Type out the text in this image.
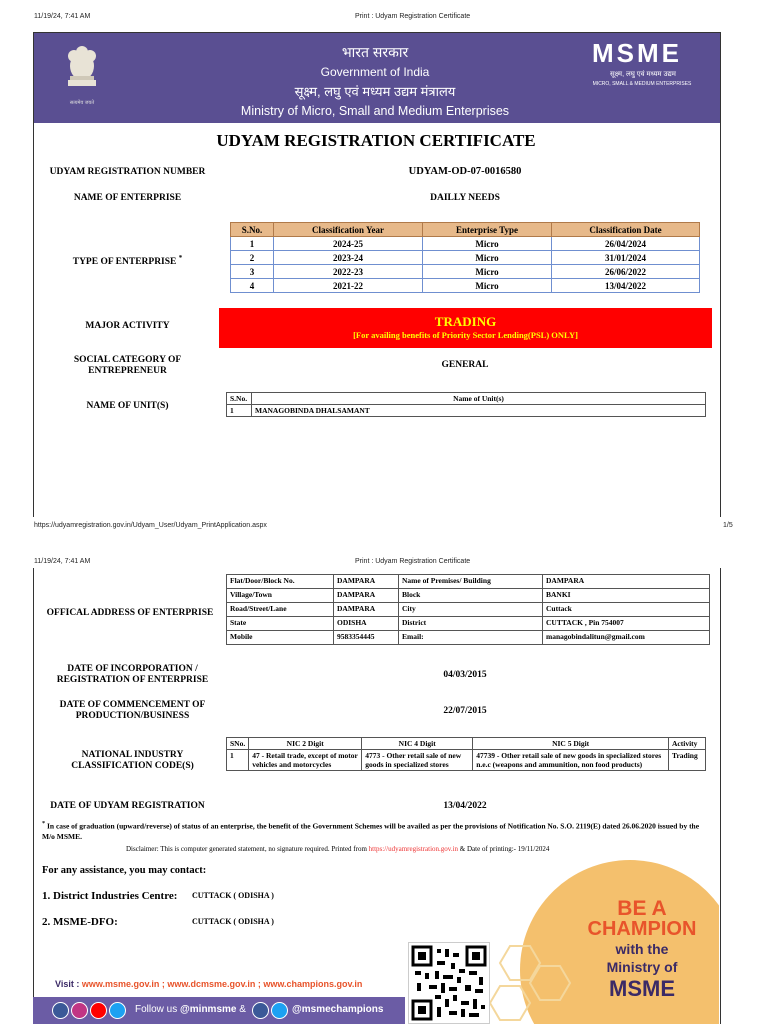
11/19/24, 7:41 AM	Print : Udyam Registration Certificate
सत्यमेव जयते
भारत सरकार
Government of India
सूक्ष्म, लघु एवं मध्यम उद्यम मंत्रालय
Ministry of Micro, Small and Medium Enterprises
MSME
सूक्ष्म, लघु एवं मध्यम उद्यम
MICRO, SMALL & MEDIUM ENTERPRISES
UDYAM REGISTRATION CERTIFICATE
UDYAM REGISTRATION NUMBER	UDYAM-OD-07-0016580
NAME OF ENTERPRISE	DAILLY NEEDS
TYPE OF ENTERPRISE *
S.No.	Classification Year	Enterprise Type	Classification Date
1	2024-25	Micro	26/04/2024
2	2023-24	Micro	31/01/2024
3	2022-23	Micro	26/06/2022
4	2021-22	Micro	13/04/2022
MAJOR ACTIVITY	TRADING
[For availing benefits of Priority Sector Lending(PSL) ONLY]
SOCIAL CATEGORY OF
ENTREPRENEUR
GENERAL
NAME OF UNIT(S)
S.No.	Name of Unit(s)
1	MANAGOBINDA DHALSAMANT
https://udyamregistration.gov.in/Udyam_User/Udyam_PrintApplication.aspx	1/5
11/19/24, 7:41 AM	Print : Udyam Registration Certificate
OFFICAL ADDRESS OF ENTERPRISE
Flat/Door/Block No.	DAMPARA	Name of Premises/ Building	DAMPARA
Village/Town	DAMPARA	Block	BANKI
Road/Street/Lane	DAMPARA	City	Cuttack
State	ODISHA	District	CUTTACK , Pin 754007
Mobile	9583354445	Email:	managobindalitun@gmail.com
DATE OF INCORPORATION /
REGISTRATION OF ENTERPRISE	04/03/2015
DATE OF COMMENCEMENT OF
PRODUCTION/BUSINESS	22/07/2015
NATIONAL INDUSTRY
CLASSIFICATION CODE(S)
SNo.	NIC 2 Digit	NIC 4 Digit	NIC 5 Digit	Activity
1	47 - Retail trade, except of motor vehicles and motorcycles	4773 - Other retail sale of new goods in specialized stores	47739 - Other retail sale of new goods in specialized stores n.e.c (weapons and ammunition, non food products)	Trading
DATE OF UDYAM REGISTRATION	13/04/2022
* In case of graduation (upward/reverse) of status of an enterprise, the benefit of the Government Schemes will be availed as per the provisions of Notification No. S.O. 2119(E) dated 26.06.2020 issued by the M/o MSME.
Disclaimer: This is computer generated statement, no signature required. Printed from https://udyamregistration.gov.in & Date of printing:- 19/11/2024
For any assistance, you may contact:
1. District Industries Centre: CUTTACK ( ODISHA )
2. MSME-DFO:	CUTTACK ( ODISHA )
BE A
CHAMPION
with the
Ministry of
MSME
Visit : www.msme.gov.in ; www.dcmsme.gov.in ; www.champions.gov.in
Follow us @minmsme &	@msmechampions
